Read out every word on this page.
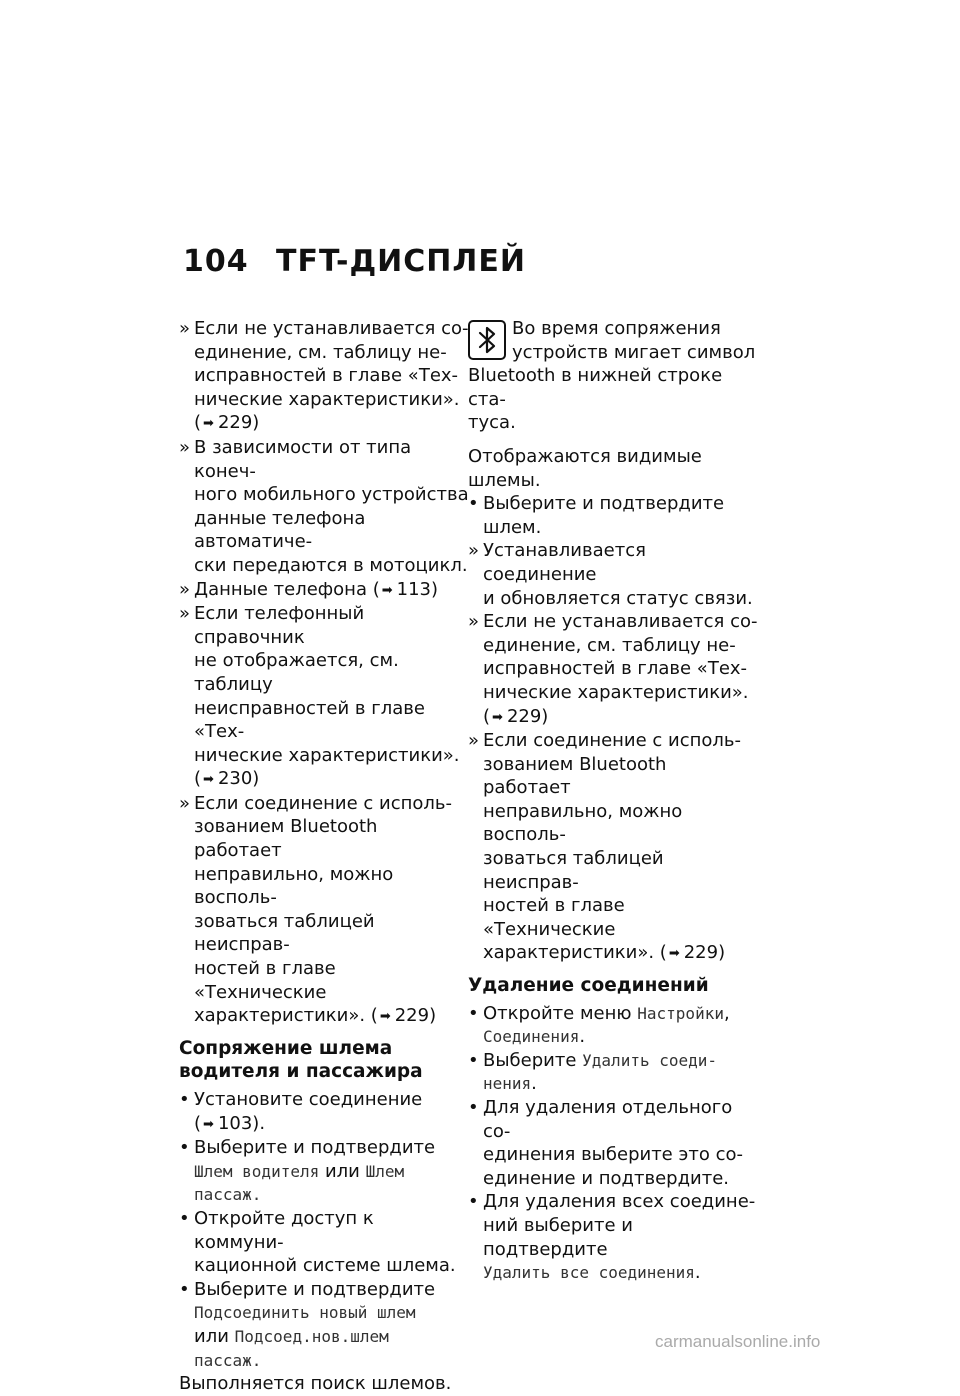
104 TFT-ДИСПЛЕЙ
» Если не устанавливается со-
единение, см. таблицу не-
исправностей в главе «Тех-
нические характеристики».
( ➡ 229)
» В зависимости от типа конеч-
ного мобильного устройства
данные телефона автоматиче-
ски передаются в мотоцикл.
» Данные телефона ( ➡ 113)
» Если телефонный справочник
не отображается, см. таблицу
неисправностей в главе «Тех-
нические характеристики».
( ➡ 230)
» Если соединение с исполь-
зованием Bluetooth работает
неправильно, можно восполь-
зоваться таблицей неисправ-
ностей в главе «Технические
характеристики». ( ➡ 229)
Сопряжение шлема
водителя и пассажира
• Установите соединение
( ➡ 103).
• Выберите и подтвердите
Шлем водителя или Шлем
пассаж.
• Откройте доступ к коммуни-
кационной системе шлема.
• Выберите и подтвердите
Подсоединить новый шлем
или Подсоед.нов.шлем
пассаж.
Выполняется поиск шлемов.
Во время сопряжения
устройств мигает символ
Bluetooth в нижней строке ста-
туса.
Отображаются видимые
шлемы.
• Выберите и подтвердите
шлем.
» Устанавливается соединение
и обновляется статус связи.
» Если не устанавливается со-
единение, см. таблицу не-
исправностей в главе «Тех-
нические характеристики».
( ➡ 229)
» Если соединение с исполь-
зованием Bluetooth работает
неправильно, можно восполь-
зоваться таблицей неисправ-
ностей в главе «Технические
характеристики». ( ➡ 229)
Удаление соединений
• Откройте меню Настройки,
Соединения.
• Выберите Удалить соеди-
нения.
• Для удаления отдельного со-
единения выберите это со-
единение и подтвердите.
• Для удаления всех соедине-
ний выберите и подтвердите
Удалить все соединения.
carmanualsonline.info
